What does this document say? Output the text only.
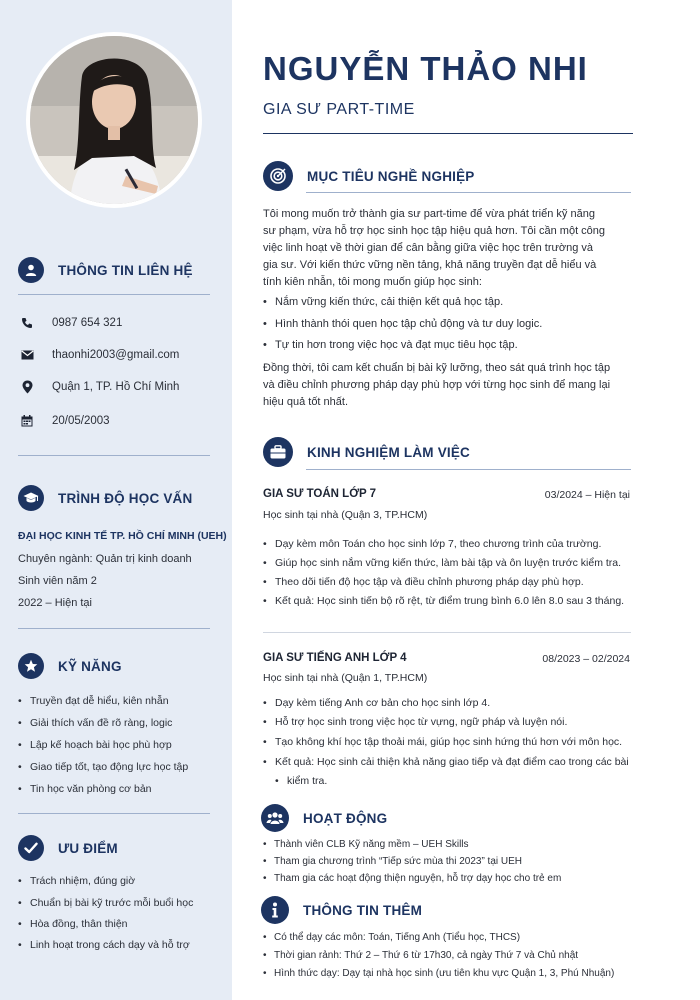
THÔNG TIN LIÊN HỆ
0987 654 321
thaonhi2003@gmail.com
Quận 1, TP. Hồ Chí Minh
20/05/2003
TRÌNH ĐỘ HỌC VẤN
ĐẠI HỌC KINH TẾ TP. HỒ CHÍ MINH (UEH)
Chuyên ngành: Quản trị kinh doanh
Sinh viên năm 2
2022 – Hiện tại
KỸ NĂNG
• Truyền đạt dễ hiểu, kiên nhẫn
• Giải thích vấn đề rõ ràng, logic
• Lập kế hoạch bài học phù hợp
• Giao tiếp tốt, tạo động lực học tập
• Tin học văn phòng cơ bản
ƯU ĐIỂM
• Trách nhiệm, đúng giờ
• Chuẩn bị bài kỹ trước mỗi buổi học
• Hòa đồng, thân thiện
• Linh hoạt trong cách dạy và hỗ trợ
NGUYỄN THẢO NHI
GIA SƯ PART-TIME
MỤC TIÊU NGHỀ NGHIỆP
Tôi mong muốn trở thành gia sư part-time để vừa phát triển kỹ năng
sư phạm, vừa hỗ trợ học sinh học tập hiệu quả hơn. Tôi cần một công
việc linh hoạt về thời gian để cân bằng giữa việc học trên trường và
gia sư. Với kiến thức vững nền tảng, khả năng truyền đạt dễ hiểu và
tính kiên nhẫn, tôi mong muốn giúp học sinh:
• Nắm vững kiến thức, cải thiện kết quả học tập.
• Hình thành thói quen học tập chủ động và tư duy logic.
• Tự tin hơn trong việc học và đạt mục tiêu học tập.
Đồng thời, tôi cam kết chuẩn bị bài kỹ lưỡng, theo sát quá trình học tập
và điều chỉnh phương pháp dạy phù hợp với từng học sinh để mang lại
hiệu quả tốt nhất.
KINH NGHIỆM LÀM VIỆC
GIA SƯ TOÁN LỚP 7	03/2024 – Hiện tại
Học sinh tại nhà (Quận 3, TP.HCM)
• Dạy kèm môn Toán cho học sinh lớp 7, theo chương trình của trường.
• Giúp học sinh nắm vững kiến thức, làm bài tập và ôn luyện trước kiểm tra.
• Theo dõi tiến độ học tập và điều chỉnh phương pháp dạy phù hợp.
• Kết quả: Học sinh tiến bộ rõ rệt, từ điểm trung bình 6.0 lên 8.0 sau 3 tháng.
GIA SƯ TIẾNG ANH LỚP 4	08/2023 – 02/2024
Học sinh tại nhà (Quận 1, TP.HCM)
• Dạy kèm tiếng Anh cơ bản cho học sinh lớp 4.
• Hỗ trợ học sinh trong việc học từ vựng, ngữ pháp và luyện nói.
• Tạo không khí học tập thoải mái, giúp học sinh hứng thú hơn với môn học.
• Kết quả: Học sinh cải thiện khả năng giao tiếp và đạt điểm cao trong các bài
• kiểm tra.
HOẠT ĐỘNG
• Thành viên CLB Kỹ năng mềm – UEH Skills
• Tham gia chương trình “Tiếp sức mùa thi 2023” tại UEH
• Tham gia các hoạt động thiện nguyện, hỗ trợ dạy học cho trẻ em
THÔNG TIN THÊM
• Có thể dạy các môn: Toán, Tiếng Anh (Tiểu học, THCS)
• Thời gian rảnh: Thứ 2 – Thứ 6 từ 17h30, cả ngày Thứ 7 và Chủ nhật
• Hình thức dạy: Dạy tại nhà học sinh (ưu tiên khu vực Quận 1, 3, Phú Nhuận)
